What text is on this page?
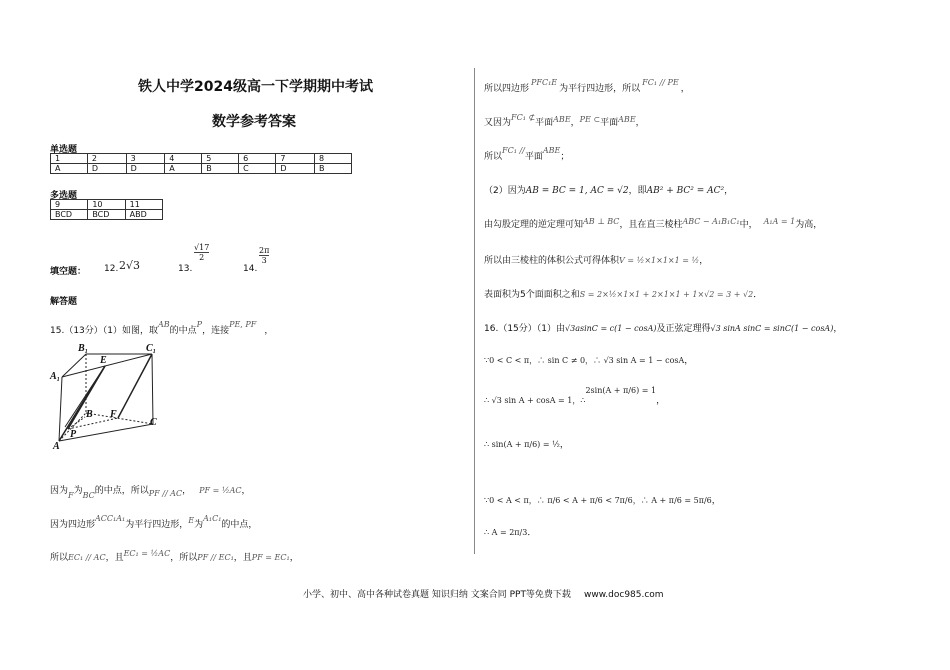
铁人中学2024级高一下学期期中考试
数学参考答案
单选题
1	2	3	4	5	6	7	8
A	D	D	A	B	C	D	B
多选题
9	10	11
BCD	BCD	ABD
填空题： 12. 2√3	13.
$\frac{√17}{2}$
14.
$\frac{2\pi}{3}$
解答题
15.（13分）（1）如图，取$^{AB}$的中点$^P$，连接$^{PE, PF}$，
B₁	C₁
A₁
E
B F
C
P
A
因为$_F$为$_{BC}$的中点，所以PF // AC， PF = ½AC，
因为四边形$^{ACC_1A_1}$为平行四边形，$^E$为$^{A_1C_1}$的中点，
所以EC₁ // AC，且$^{EC_1 = \frac{1}{2}AC}$，所以PF // EC₁，且PF = EC₁，
所以四边形$^{PFC_1E}$为平行四边形，所以$^{FC_1 // PE}$，
又因为$^{FC_1 ⊄}$平面ABE，PE ⊂平面ABE，
所以$^{FC_1 //}$平面$^{ABE}$；
（2）因为AB = BC = 1, AC = √2，即AB² + BC² = AC²，
由勾股定理的逆定理可知AB ⊥ BC，且在直三棱柱ABC − A₁B₁C₁中， A₁A = 1为高，
所以由三棱柱的体积公式可得体积V = ½×1×1×1 = ½，
表面积为5个面面积之和S = 2×½×1×1 + 2×1×1 + 1×√2 = 3 + √2．
16.（15分）（1）由√3asinC = c(1 − cosA)及正弦定理得√3 sinA sinC = sinC(1 − cosA)，
∵0 < C < π，∴ sin C ≠ 0，∴ √3 sin A = 1 − cosA，
∴ √3 sin A + cosA = 1，∴$^{2sin(A + \pi/6) = 1}$，
∴ sin(A + π/6) = ½，
∵0 < A < π，∴ π/6 < A + π/6 < 7π/6，∴ A + π/6 = 5π/6，
∴ A = 2π/3．
小学、初中、高中各种试卷真题 知识归纳 文案合同 PPT等免费下载 www.doc985.com
